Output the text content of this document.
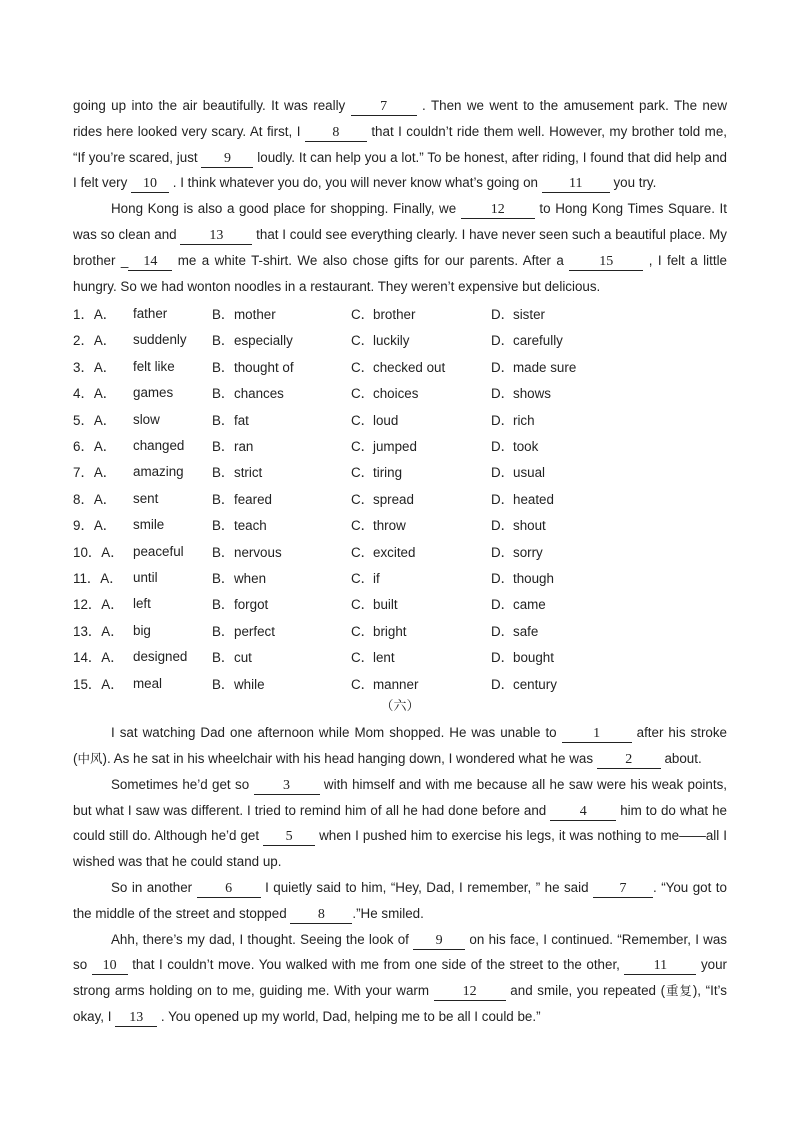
going up into the air beautifully. It was really 7 . Then we went to the amusement park. The new rides here looked very scary. At first, I 8 that I couldn’t ride them well. However, my brother told me, “If you’re scared, just 9 loudly. It can help you a lot.” To be honest, after riding, I found that did help and I felt very 10 . I think whatever you do, you will never know what’s going on 11 you try.

Hong Kong is also a good place for shopping. Finally, we 12 to Hong Kong Times Square. It was so clean and 13 that I could see everything clearly. I have never seen such a beautiful place. My brother _ 14 me a white T-shirt. We also chose gifts for our parents. After a 15 , I felt a little hungry. So we had wonton noodles in a restaurant. They weren’t expensive but delicious.

1．A．	father	B．mother	C．brother	D．sister
2．A．	suddenly	B．especially	C．luckily	D．carefully
3．A．	felt like	B．thought of	C．checked out	D．made sure
4．A．	games	B．chances	C．choices	D．shows
5．A．	slow	B．fat	C．loud	D．rich
6．A．	changed	B．ran	C．jumped	D．took
7．A．	amazing	B．strict	C．tiring	D．usual
8．A．	sent	B．feared	C．spread	D．heated
9．A．	smile	B．teach	C．throw	D．shout
10．A． peaceful	B．nervous	C．excited	D．sorry
11．A． until	B．when	C．if	D．though
12．A． left	B．forgot	C．built	D．came
13．A． big	B．perfect	C．bright	D．safe
14．A． designed	B．cut	C．lent	D．bought
15．A． meal	B．while	C．manner	D．century
（六）

I sat watching Dad one afternoon while Mom shopped. He was unable to 1 after his stroke (中风). As he sat in his wheelchair with his head hanging down, I wondered what he was 2 about.

Sometimes he’d get so 3 with himself and with me because all he saw were his weak points, but what I saw was different. I tried to remind him of all he had done before and 4 him to do what he could still do. Although he’d get 5 when I pushed him to exercise his legs, it was nothing to me——all I wished was that he could stand up.

So in another 6 I quietly said to him, “Hey, Dad, I remember, ” he said 7 . “You got to the middle of the street and stopped 8 .”He smiled.

Ahh, there’s my dad, I thought. Seeing the look of 9 on his face, I continued. “Remember, I was so 10 that I couldn’t move. You walked with me from one side of the street to the other, 11 your strong arms holding on to me, guiding me. With your warm 12 and smile, you repeated (重复), “It’s okay, I 13 . You opened up my world, Dad, helping me to be all I could be.”
